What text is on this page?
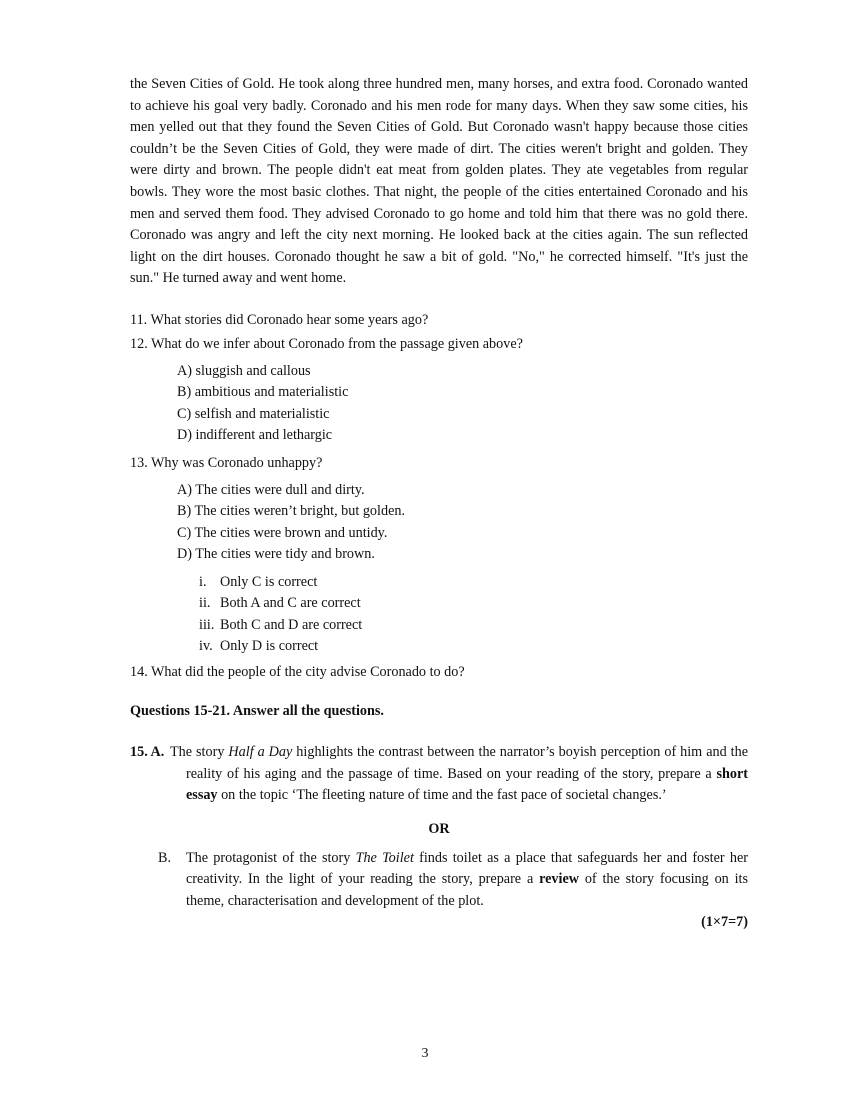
the Seven Cities of Gold. He took along three hundred men, many horses, and extra food. Coronado wanted to achieve his goal very badly. Coronado and his men rode for many days. When they saw some cities, his men yelled out that they found the Seven Cities of Gold. But Coronado wasn't happy because those cities couldn’t be the Seven Cities of Gold, they were made of dirt. The cities weren't bright and golden. They were dirty and brown. The people didn't eat meat from golden plates. They ate vegetables from regular bowls. They wore the most basic clothes. That night, the people of the cities entertained Coronado and his men and served them food. They advised Coronado to go home and told him that there was no gold there. Coronado was angry and left the city next morning. He looked back at the cities again. The sun reflected light on the dirt houses. Coronado thought he saw a bit of gold. "No," he corrected himself. "It's just the sun." He turned away and went home.

11. What stories did Coronado hear some years ago?

12. What do we infer about Coronado from the passage given above?

A) sluggish and callous
B) ambitious and materialistic
C) selfish and materialistic
D) indifferent and lethargic

13. Why was Coronado unhappy?

A) The cities were dull and dirty.
B) The cities weren’t bright, but golden.
C) The cities were brown and untidy.
D) The cities were tidy and brown.
i. Only C is correct
ii. Both A and C are correct
iii. Both C and D are correct
iv. Only D is correct

14. What did the people of the city advise Coronado to do?

Questions 15-21. Answer all the questions.
15. A. The story Half a Day highlights the contrast between the narrator’s boyish perception of him and the reality of his aging and the passage of time. Based on your reading of the story, prepare a short essay on the topic ‘The fleeting nature of time and the fast pace of societal changes.’
OR
B. The protagonist of the story The Toilet finds toilet as a place that safeguards her and foster her creativity. In the light of your reading the story, prepare a review of the story focusing on its theme, characterisation and development of the plot.
(1×7=7)
3
